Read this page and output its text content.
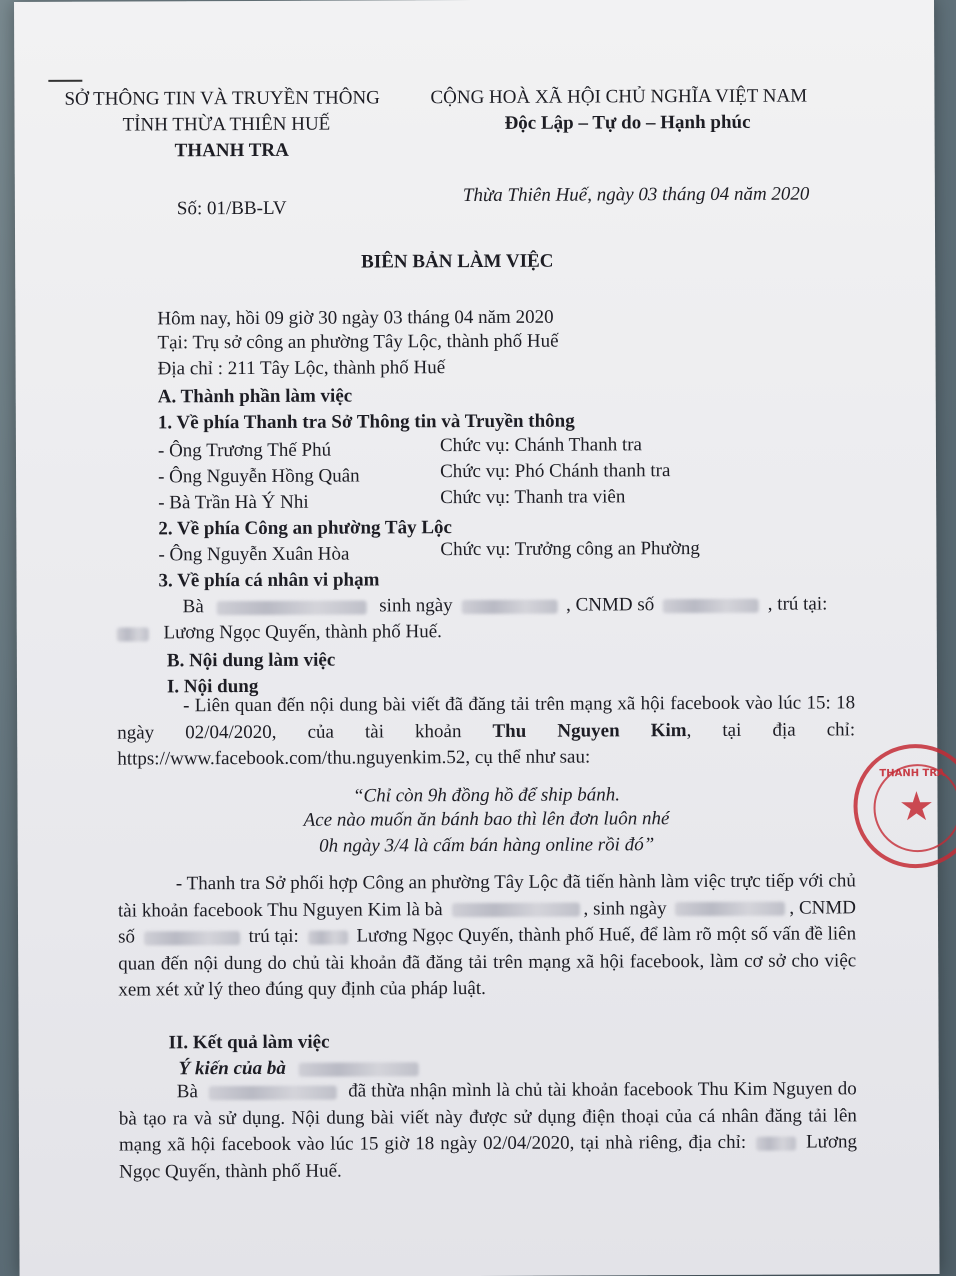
SỞ THÔNG TIN VÀ TRUYỀN THÔNG
TỈNH THỪA THIÊN HUẾ
THANH TRA
Số: 01/BB-LV
CỘNG HOÀ XÃ HỘI CHỦ NGHĨA VIỆT NAM
Độc Lập – Tự do – Hạnh phúc
Thừa Thiên Huế, ngày 03 tháng 04 năm 2020
BIÊN BẢN LÀM VIỆC
Hôm nay, hồi 09 giờ 30 ngày 03 tháng 04 năm 2020
Tại: Trụ sở công an phường Tây Lộc, thành phố Huế
Địa chỉ : 211 Tây Lộc, thành phố Huế
A. Thành phần làm việc
1. Về phía Thanh tra Sở Thông tin và Truyền thông
- Ông Trương Thế Phú	Chức vụ: Chánh Thanh tra
- Ông Nguyễn Hồng Quân	Chức vụ: Phó Chánh thanh tra
- Bà Trần Hà Ý Nhi	Chức vụ: Thanh tra viên
2. Về phía Công an phường Tây Lộc
- Ông Nguyễn Xuân Hòa	Chức vụ: Trưởng công an Phường
3. Về phía cá nhân vi phạm
Bà	sinh ngày	, CNMD số	, trú tại:
Lương Ngọc Quyến, thành phố Huế.
B. Nội dung làm việc
I. Nội dung
- Liên quan đến nội dung bài viết đã đăng tải trên mạng xã hội facebook vào lúc 15: 18 ngày 02/04/2020, của tài khoản Thu Nguyen Kim, tại địa chỉ: https://www.facebook.com/thu.nguyenkim.52, cụ thể như sau:
“Chỉ còn 9h đồng hồ để ship bánh.
Ace nào muốn ăn bánh bao thì lên đơn luôn nhé
0h ngày 3/4 là cấm bán hàng online rồi đó”
- Thanh tra Sở phối hợp Công an phường Tây Lộc đã tiến hành làm việc trực tiếp với chủ tài khoản facebook Thu Nguyen Kim là bà	, sinh ngày	, CNMD số	trú tại:	Lương Ngọc Quyến, thành phố Huế, để làm rõ một số vấn đề liên quan đến nội dung do chủ tài khoản đã đăng tải trên mạng xã hội facebook, làm cơ sở cho việc xem xét xử lý theo đúng quy định của pháp luật.
II. Kết quả làm việc
Ý kiến của bà
Bà	đã thừa nhận mình là chủ tài khoản facebook Thu Kim Nguyen do bà tạo ra và sử dụng. Nội dung bài viết này được sử dụng điện thoại của cá nhân đăng tải lên mạng xã hội facebook vào lúc 15 giờ 18 ngày 02/04/2020, tại nhà riêng, địa chỉ:	Lương Ngọc Quyến, thành phố Huế.
★
THANH TRA
